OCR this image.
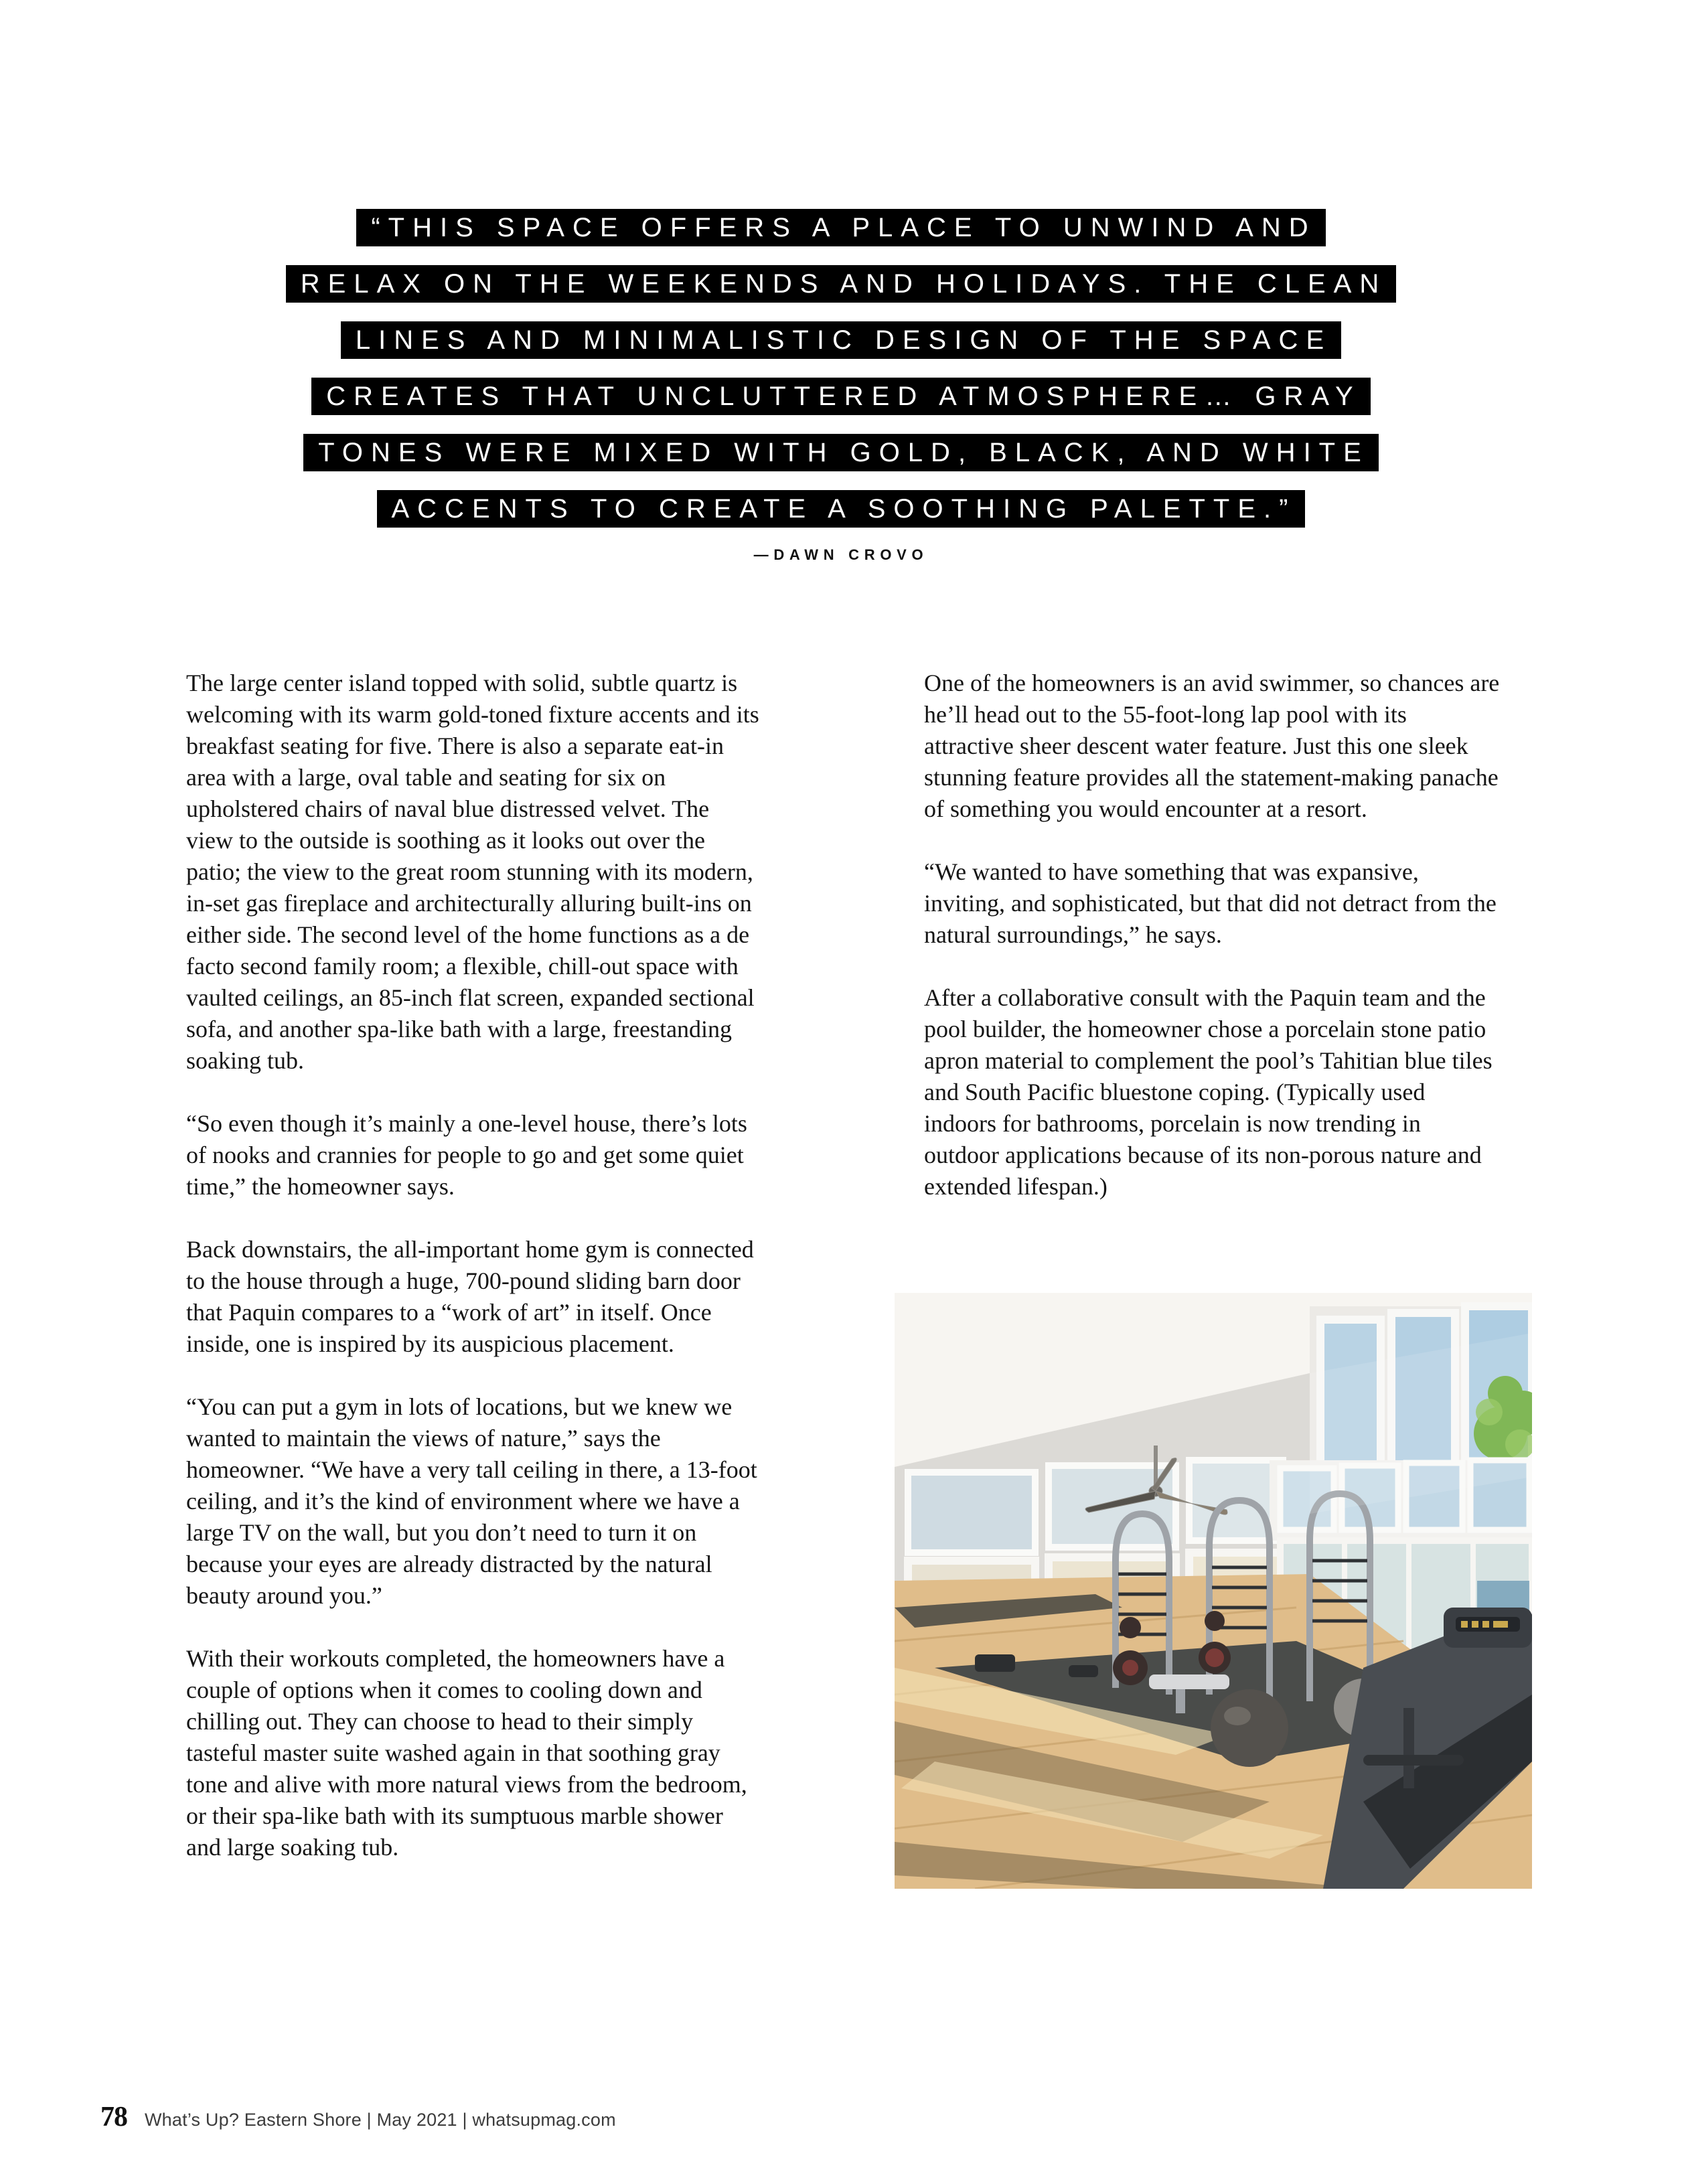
“THIS SPACE OFFERS A PLACE TO UNWIND AND
RELAX ON THE WEEKENDS AND HOLIDAYS. THE CLEAN
LINES AND MINIMALISTIC DESIGN OF THE SPACE
CREATES THAT UNCLUTTERED ATMOSPHERE… GRAY
TONES WERE MIXED WITH GOLD, BLACK, AND WHITE
ACCENTS TO CREATE A SOOTHING PALETTE.”
—DAWN CROVO

The large center island topped with solid, subtle quartz is welcoming with its warm gold-toned fixture accents and its breakfast seating for five. There is also a separate eat-in area with a large, oval table and seating for six on upholstered chairs of naval blue distressed velvet. The view to the outside is soothing as it looks out over the patio; the view to the great room stunning with its modern, in-set gas fireplace and architecturally alluring built-ins on either side. The second level of the home functions as a de facto second family room; a flexible, chill-out space with vaulted ceilings, an 85-inch flat screen, expanded sectional sofa, and another spa-like bath with a large, freestanding soaking tub.

“So even though it’s mainly a one-level house, there’s lots of nooks and crannies for people to go and get some quiet time,” the homeowner says.

Back downstairs, the all-important home gym is connected to the house through a huge, 700-pound sliding barn door that Paquin compares to a “work of art” in itself. Once inside, one is inspired by its auspicious placement.

“You can put a gym in lots of locations, but we knew we wanted to maintain the views of nature,” says the homeowner. “We have a very tall ceiling in there, a 13-foot ceiling, and it’s the kind of environment where we have a large TV on the wall, but you don’t need to turn it on because your eyes are already distracted by the natural beauty around you.”

With their workouts completed, the homeowners have a couple of options when it comes to cooling down and chilling out. They can choose to head to their simply tasteful master suite washed again in that soothing gray tone and alive with more natural views from the bedroom, or their spa-like bath with its sumptuous marble shower and large soaking tub.

One of the homeowners is an avid swimmer, so chances are he’ll head out to the 55-foot-long lap pool with its attractive sheer descent water feature. Just this one sleek stunning feature provides all the statement-making panache of something you would encounter at a resort.

“We wanted to have something that was expansive, inviting, and sophisticated, but that did not detract from the natural surroundings,” he says.

After a collaborative consult with the Paquin team and the pool builder, the homeowner chose a porcelain stone patio apron material to complement the pool’s Tahitian blue tiles and South Pacific bluestone coping. (Typically used indoors for bathrooms, porcelain is now trending in outdoor applications because of its non-porous nature and extended lifespan.)

78 What’s Up? Eastern Shore | May 2021 | whatsupmag.com
